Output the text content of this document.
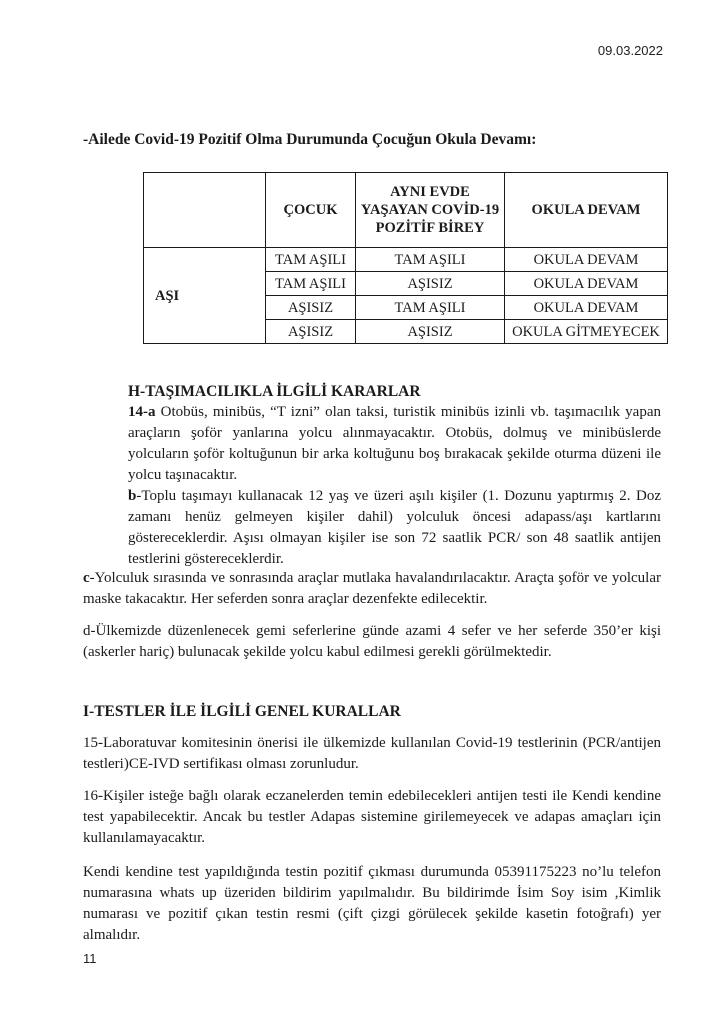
09.03.2022
-Ailede Covid-19 Pozitif Olma Durumunda Çocuğun Okula Devamı:
	ÇOCUK	AYNI EVDE YAŞAYAN COVİD-19 POZİTİF BİREY	OKULA DEVAM
AŞI	TAM AŞILI	TAM AŞILI	OKULA DEVAM
	TAM AŞILI	AŞISIZ	OKULA DEVAM
	AŞISIZ	TAM AŞILI	OKULA DEVAM
	AŞISIZ	AŞISIZ	OKULA GİTMEYECEK
H-TAŞIMACILIKLA İLGİLİ KARARLAR

14-a Otobüs, minibüs, “T izni” olan taksi, turistik minibüs izinli vb. taşımacılık yapan araçların şoför yanlarına yolcu alınmayacaktır. Otobüs, dolmuş ve minibüslerde yolcuların şoför koltuğunun bir arka koltuğunu boş bırakacak şekilde oturma düzeni ile yolcu taşınacaktır.

b-Toplu taşımayı kullanacak 12 yaş ve üzeri aşılı kişiler (1. Dozunu yaptırmış 2. Doz zamanı henüz gelmeyen kişiler dahil) yolculuk öncesi adapass/aşı kartlarını göstereceklerdir. Aşısı olmayan kişiler ise son 72 saatlik PCR/ son 48 saatlik antijen testlerini göstereceklerdir.

c-Yolculuk sırasında ve sonrasında araçlar mutlaka havalandırılacaktır. Araçta şoför ve yolcular maske takacaktır. Her seferden sonra araçlar dezenfekte edilecektir.

d-Ülkemizde düzenlenecek gemi seferlerine günde azami 4 sefer ve her seferde 350’er kişi (askerler hariç) bulunacak şekilde yolcu kabul edilmesi gerekli görülmektedir.

I-TESTLER İLE İLGİLİ GENEL KURALLAR

15-Laboratuvar komitesinin önerisi ile ülkemizde kullanılan Covid-19 testlerinin (PCR/antijen testleri)CE-IVD sertifikası olması zorunludur.

16-Kişiler isteğe bağlı olarak eczanelerden temin edebilecekleri antijen testi ile Kendi kendine test yapabilecektir. Ancak bu testler Adapas sistemine girilemeyecek ve adapas amaçları için kullanılamayacaktır.

Kendi kendine test yapıldığında testin pozitif çıkması durumunda 05391175223 no’lu telefon numarasına whats up üzeriden bildirim yapılmalıdır. Bu bildirimde İsim Soy isim ,Kimlik numarası ve pozitif çıkan testin resmi (çift çizgi görülecek şekilde kasetin fotoğrafı) yer almalıdır.

11
